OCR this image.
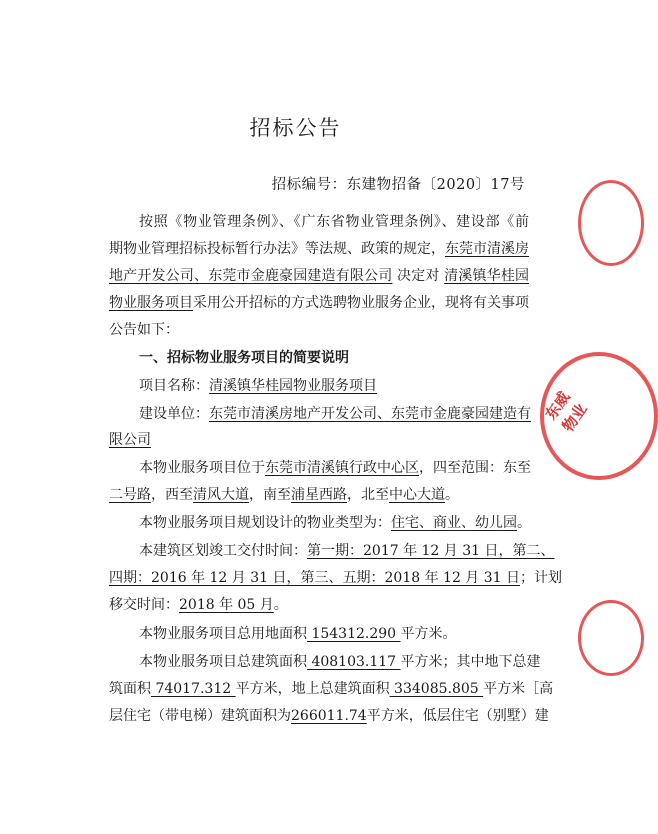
招标公告
招标编号：东建物招备〔2020〕17号
按照《物业管理条例》、《广东省物业管理条例》、建设部《前
期物业管理招标投标暂行办法》等法规、政策的规定，东莞市清溪房
地产开发公司、东莞市金鹿豪园建造有限公司 决定对 清溪镇华桂园
物业服务项目采用公开招标的方式选聘物业服务企业，现将有关事项
公告如下：
一、招标物业服务项目的简要说明
项目名称：清溪镇华桂园物业服务项目
建设单位：东莞市清溪房地产开发公司、东莞市金鹿豪园建造有
限公司
本物业服务项目位于东莞市清溪镇行政中心区，四至范围：东至
二号路，西至清风大道，南至浦星西路，北至中心大道。
本物业服务项目规划设计的物业类型为：住宅、商业、幼儿园。
本建筑区划竣工交付时间：第一期：2017 年 12 月 31 日，第二、
四期：2016 年 12 月 31 日，第三、五期：2018 年 12 月 31 日；计划
移交时间：2018 年 05 月。
本物业服务项目总用地面积 154312.290 平方米。
本物业服务项目总建筑面积 408103.117 平方米；其中地下总建
筑面积 74017.312 平方米，地上总建筑面积 334085.805 平方米［高
层住宅（带电梯）建筑面积为266011.74平方米，低层住宅（别墅）建
东威物业
